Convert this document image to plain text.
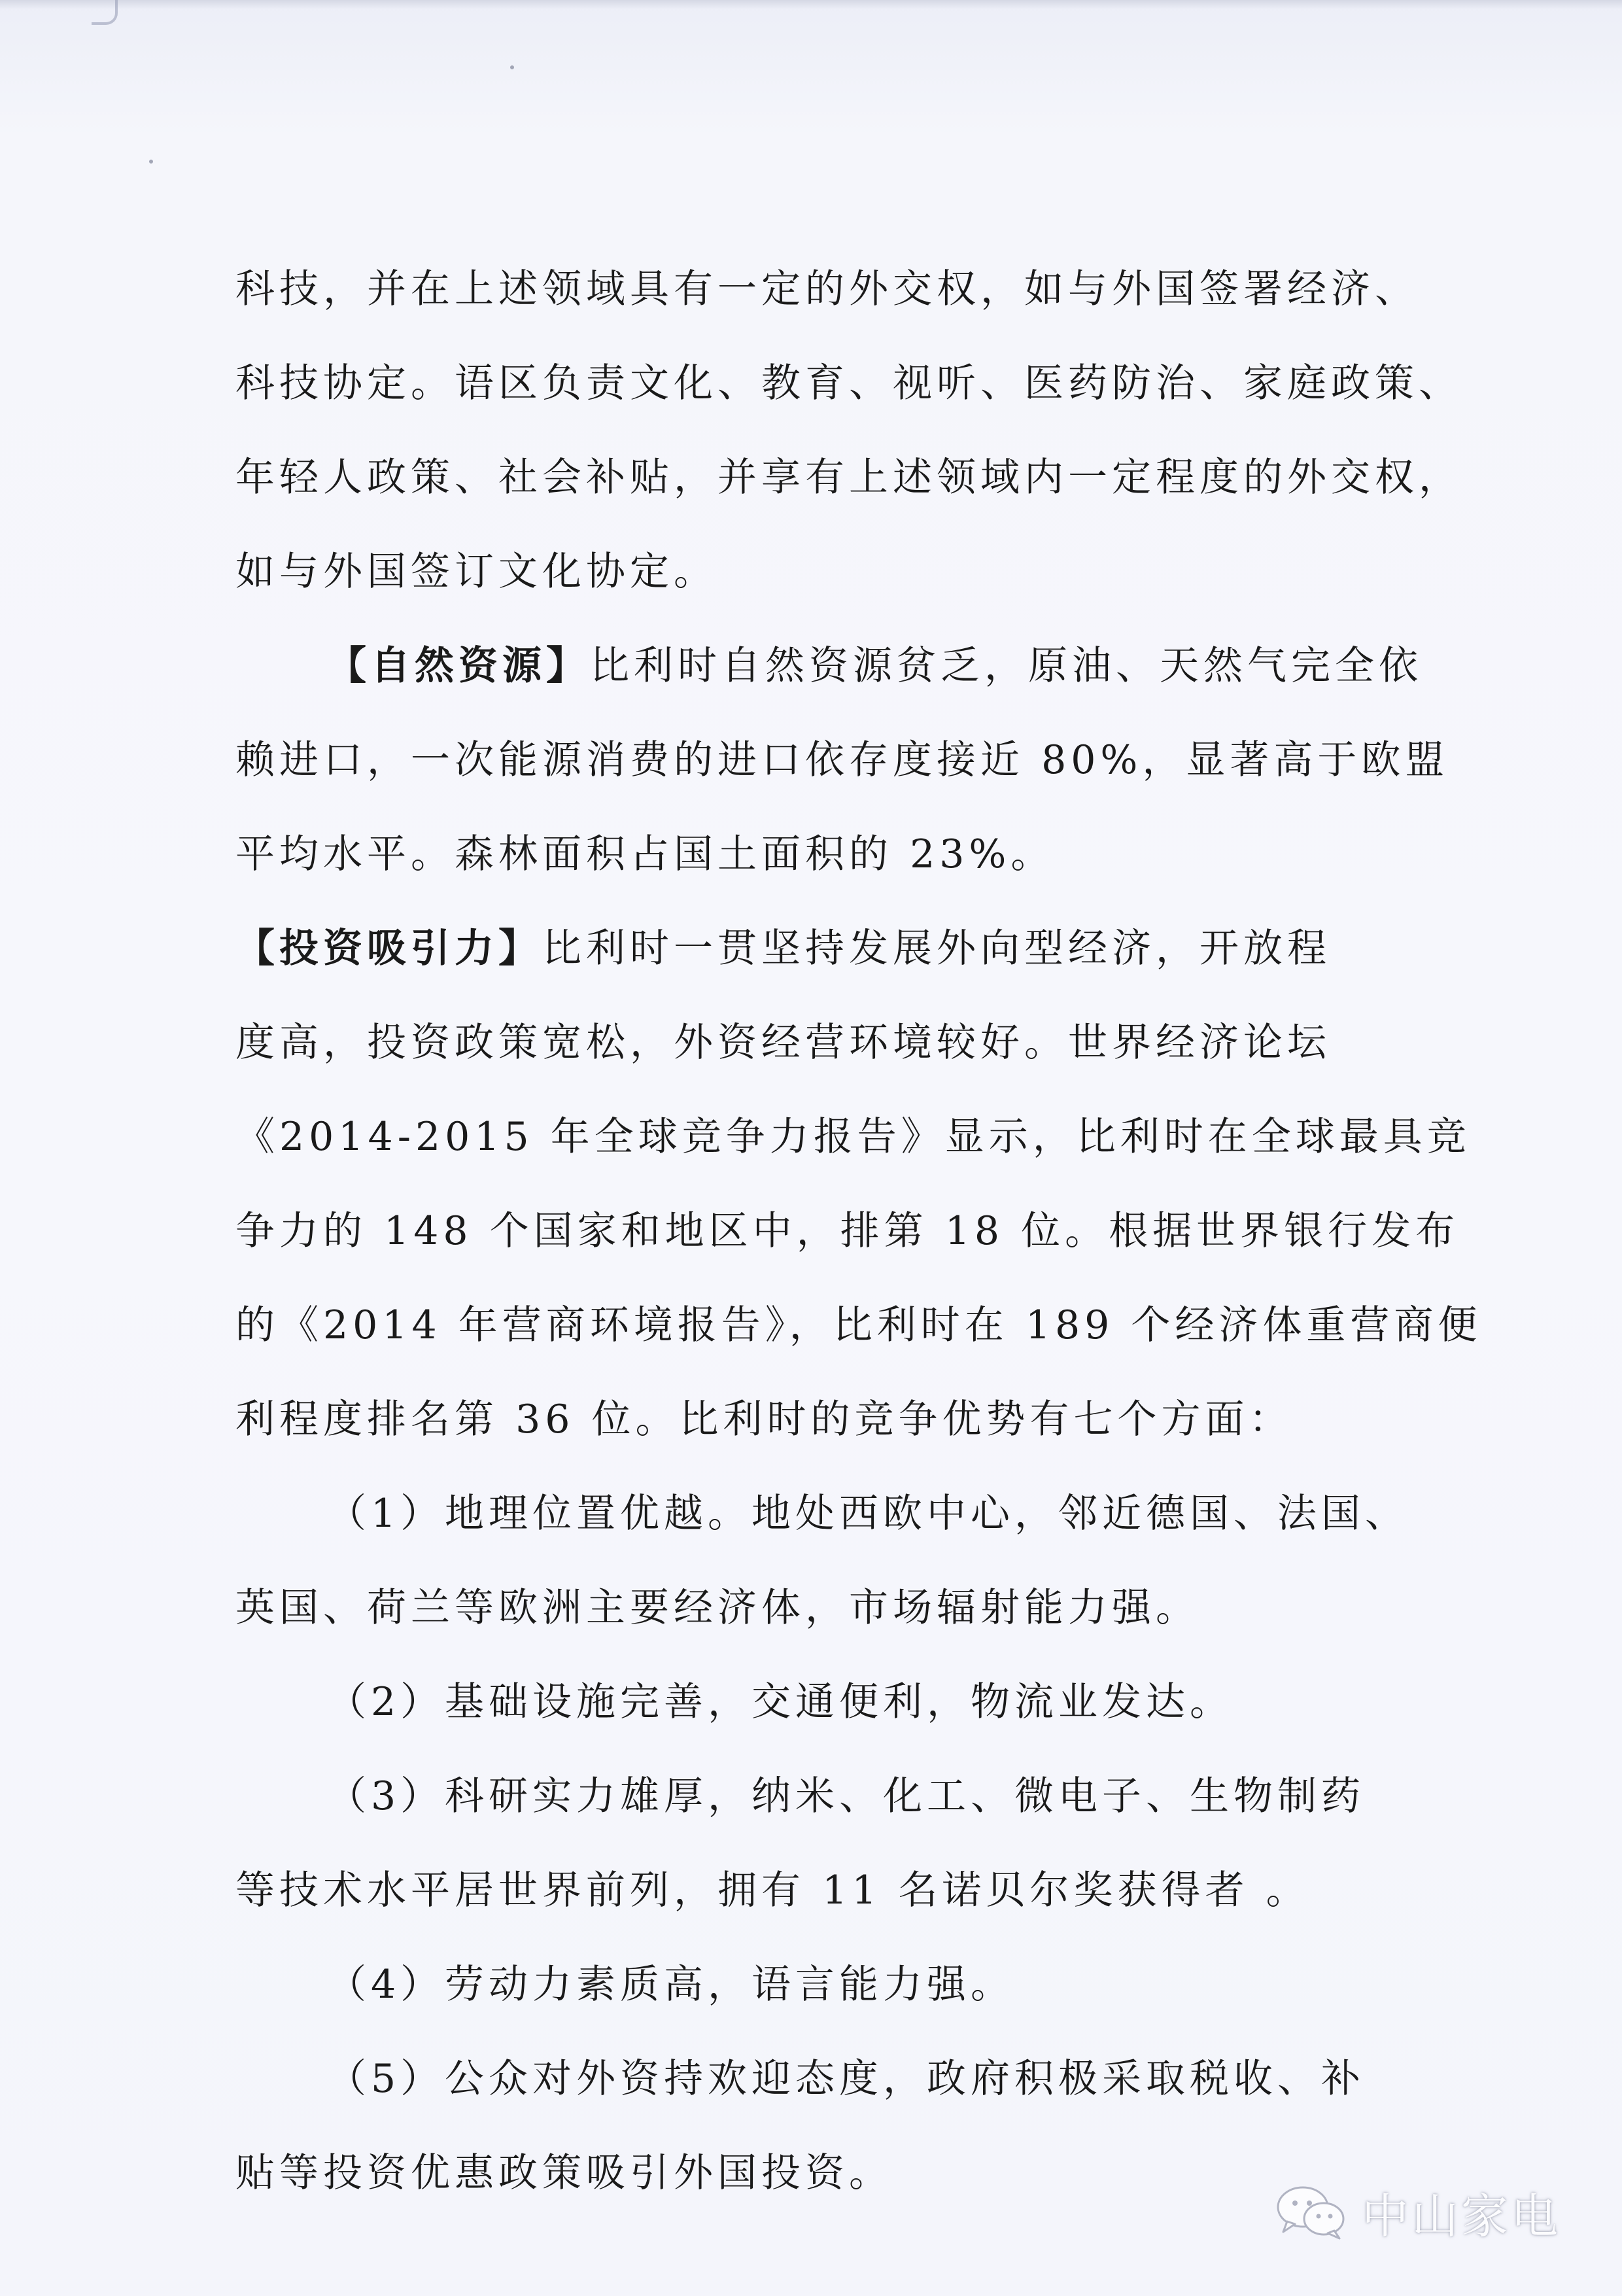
科技，并在上述领域具有一定的外交权，如与外国签署经济、
科技协定。语区负责文化、教育、视听、医药防治、家庭政策、
年轻人政策、社会补贴，并享有上述领域内一定程度的外交权，
如与外国签订文化协定。
【自然资源】比利时自然资源贫乏，原油、天然气完全依
赖进口，一次能源消费的进口依存度接近 80%，显著高于欧盟
平均水平。森林面积占国土面积的 23%。
【投资吸引力】比利时一贯坚持发展外向型经济，开放程
度高，投资政策宽松，外资经营环境较好。世界经济论坛
《2014-2015 年全球竞争力报告》显示，比利时在全球最具竞
争力的 148 个国家和地区中，排第 18 位。根据世界银行发布
的《2014 年营商环境报告》，比利时在 189 个经济体重营商便
利程度排名第 36 位。比利时的竞争优势有七个方面：
（1）地理位置优越。地处西欧中心，邻近德国、法国、
英国、荷兰等欧洲主要经济体，市场辐射能力强。
（2）基础设施完善，交通便利，物流业发达。
（3）科研实力雄厚，纳米、化工、微电子、生物制药
等技术水平居世界前列，拥有 11 名诺贝尔奖获得者 。
（4）劳动力素质高，语言能力强。
（5）公众对外资持欢迎态度，政府积极采取税收、补
贴等投资优惠政策吸引外国投资。
中山家电
